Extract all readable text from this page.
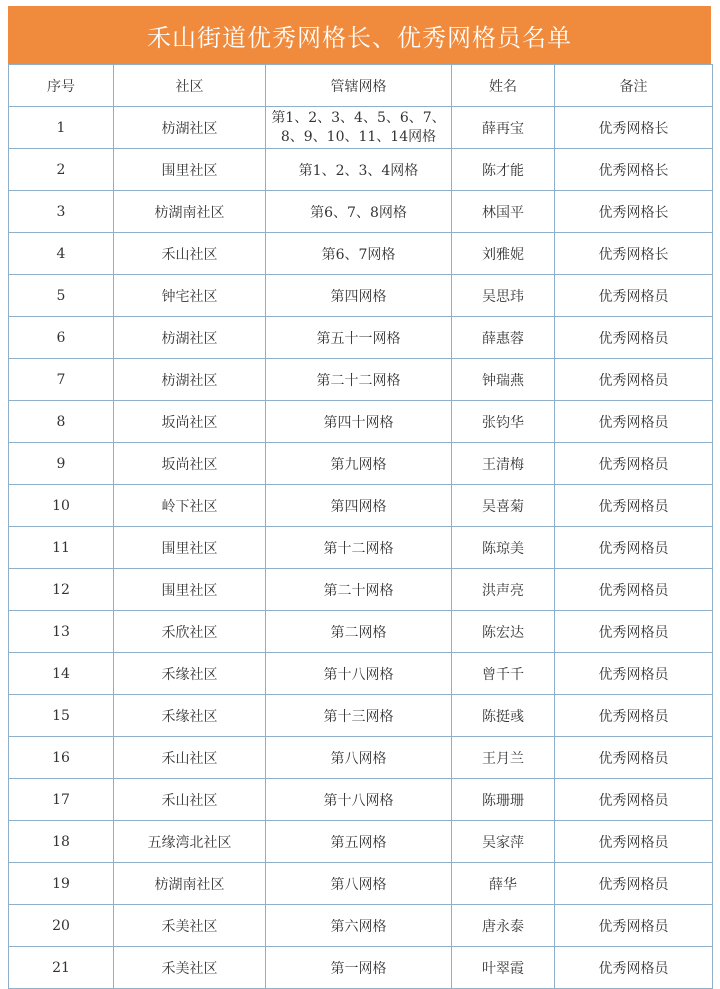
禾山街道优秀网格长、优秀网格员名单
序号	社区	管辖网格	姓名	备注
1	枋湖社区	第1、2、3、4、5、6、7、8、9、10、11、14网格	薛再宝	优秀网格长
2	围里社区	第1、2、3、4网格	陈才能	优秀网格长
3	枋湖南社区	第6、7、8网格	林国平	优秀网格长
4	禾山社区	第6、7网格	刘雅妮	优秀网格长
5	钟宅社区	第四网格	吴思玮	优秀网格员
6	枋湖社区	第五十一网格	薛惠蓉	优秀网格员
7	枋湖社区	第二十二网格	钟瑞燕	优秀网格员
8	坂尚社区	第四十网格	张钧华	优秀网格员
9	坂尚社区	第九网格	王清梅	优秀网格员
10	岭下社区	第四网格	吴喜菊	优秀网格员
11	围里社区	第十二网格	陈琼美	优秀网格员
12	围里社区	第二十网格	洪声亮	优秀网格员
13	禾欣社区	第二网格	陈宏达	优秀网格员
14	禾缘社区	第十八网格	曾千千	优秀网格员
15	禾缘社区	第十三网格	陈挺彧	优秀网格员
16	禾山社区	第八网格	王月兰	优秀网格员
17	禾山社区	第十八网格	陈珊珊	优秀网格员
18	五缘湾北社区	第五网格	吴家萍	优秀网格员
19	枋湖南社区	第八网格	薛华	优秀网格员
20	禾美社区	第六网格	唐永泰	优秀网格员
21	禾美社区	第一网格	叶翠霞	优秀网格员
